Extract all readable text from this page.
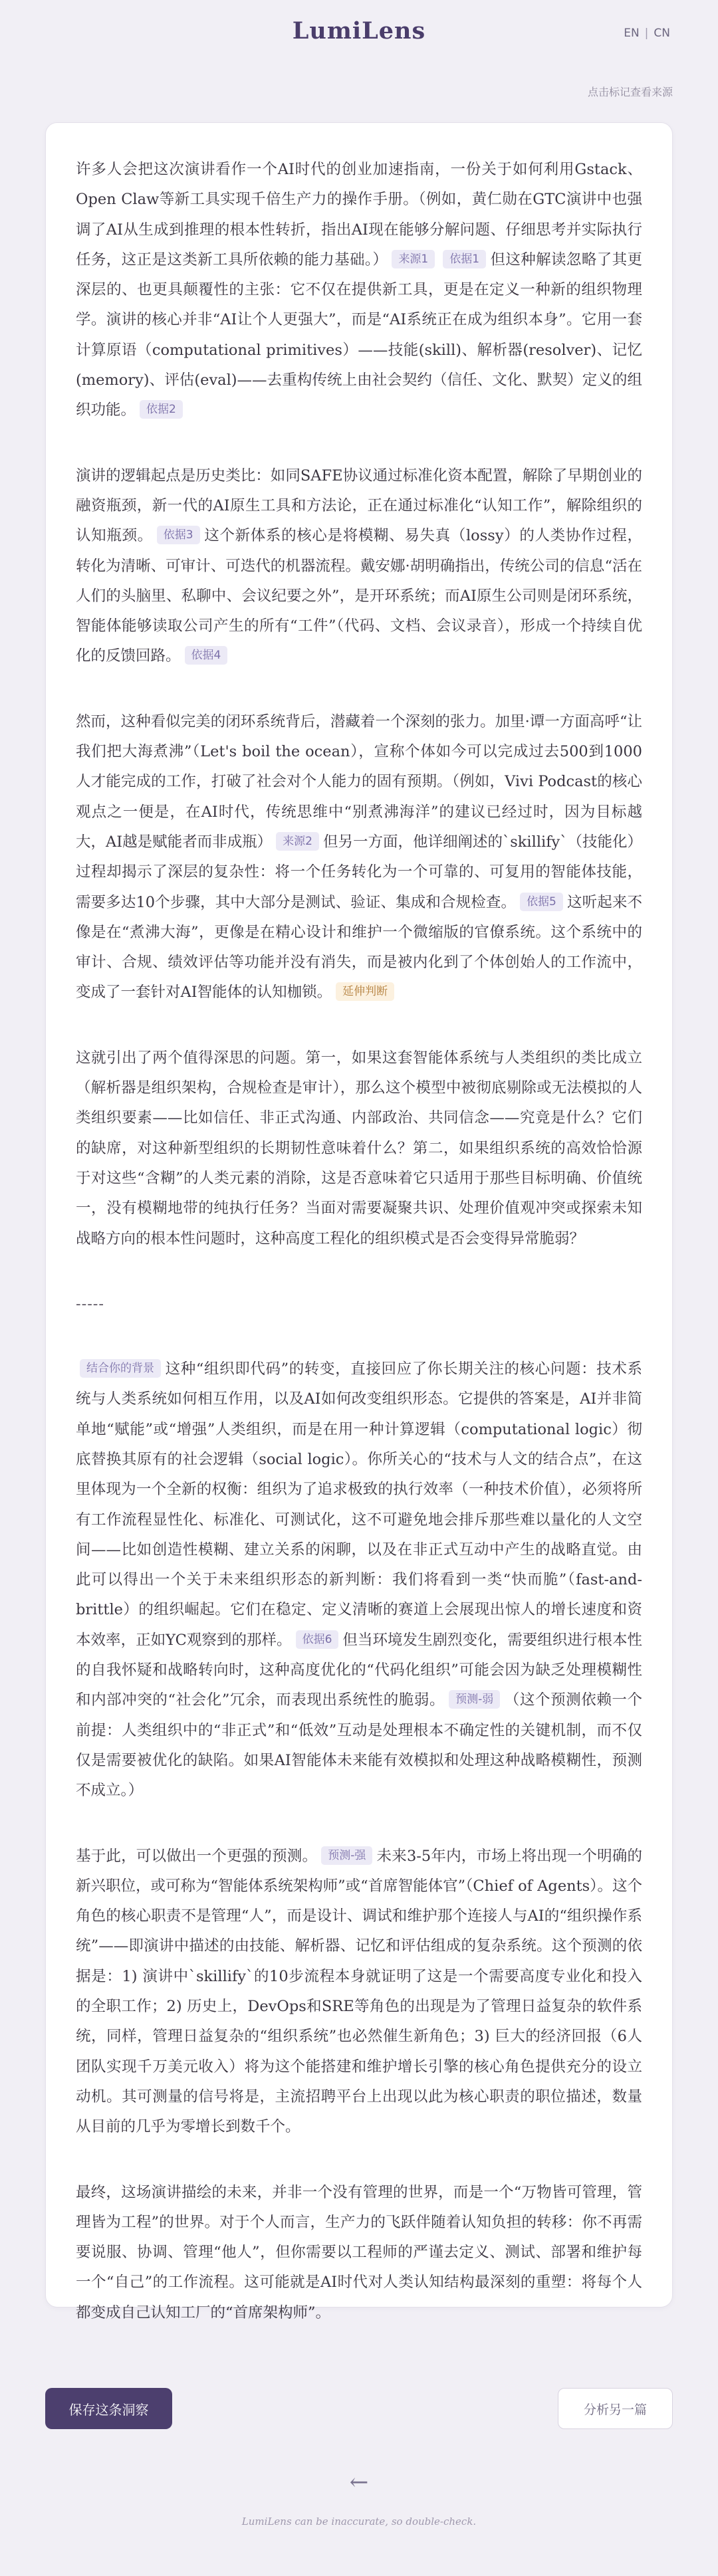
LumiLens	EN | CN
点击标记查看来源

许多人会把这次演讲看作一个AI时代的创业加速指南，一份关于如何利用Gstack、Open Claw等新工具实现千倍生产力的操作手册。（例如，黄仁勋在GTC演讲中也强调了AI从生成到推理的根本性转折，指出AI现在能够分解问题、仔细思考并实际执行任务，这正是这类新工具所依赖的能力基础。） 来源1 依据1 但这种解读忽略了其更深层的、也更具颠覆性的主张：它不仅在提供新工具，更是在定义一种新的组织物理学。演讲的核心并非“AI让个人更强大”，而是“AI系统正在成为组织本身”。它用一套计算原语（computational primitives）——技能(skill)、解析器(resolver)、记忆(memory)、评估(eval)——去重构传统上由社会契约（信任、文化、默契）定义的组织功能。 依据2

演讲的逻辑起点是历史类比：如同SAFE协议通过标准化资本配置，解除了早期创业的融资瓶颈，新一代的AI原生工具和方法论，正在通过标准化“认知工作”，解除组织的认知瓶颈。 依据3 这个新体系的核心是将模糊、易失真（lossy）的人类协作过程，转化为清晰、可审计、可迭代的机器流程。戴安娜·胡明确指出，传统公司的信息“活在人们的头脑里、私聊中、会议纪要之外”，是开环系统；而AI原生公司则是闭环系统，智能体能够读取公司产生的所有“工件”（代码、文档、会议录音），形成一个持续自优化的反馈回路。 依据4

然而，这种看似完美的闭环系统背后，潜藏着一个深刻的张力。加里·谭一方面高呼“让我们把大海煮沸”（Let's boil the ocean），宣称个体如今可以完成过去500到1000人才能完成的工作，打破了社会对个人能力的固有预期。（例如，Vivi Podcast的核心观点之一便是，在AI时代，传统思维中“别煮沸海洋”的建议已经过时，因为目标越大，AI越是赋能者而非成瓶） 来源2 但另一方面，他详细阐述的`skillify`（技能化）过程却揭示了深层的复杂性：将一个任务转化为一个可靠的、可复用的智能体技能，需要多达10个步骤，其中大部分是测试、验证、集成和合规检查。 依据5 这听起来不像是在“煮沸大海”，更像是在精心设计和维护一个微缩版的官僚系统。这个系统中的审计、合规、绩效评估等功能并没有消失，而是被内化到了个体创始人的工作流中，变成了一套针对AI智能体的认知枷锁。 延伸判断

这就引出了两个值得深思的问题。第一，如果这套智能体系统与人类组织的类比成立（解析器是组织架构，合规检查是审计），那么这个模型中被彻底剔除或无法模拟的人类组织要素——比如信任、非正式沟通、内部政治、共同信念——究竟是什么？它们的缺席，对这种新型组织的长期韧性意味着什么？第二，如果组织系统的高效恰恰源于对这些“含糊”的人类元素的消除，这是否意味着它只适用于那些目标明确、价值统一，没有模糊地带的纯执行任务？当面对需要凝聚共识、处理价值观冲突或探索未知战略方向的根本性问题时，这种高度工程化的组织模式是否会变得异常脆弱？

-----

结合你的背景 这种“组织即代码”的转变，直接回应了你长期关注的核心问题：技术系统与人类系统如何相互作用，以及AI如何改变组织形态。它提供的答案是，AI并非简单地“赋能”或“增强”人类组织，而是在用一种计算逻辑（computational logic）彻底替换其原有的社会逻辑（social logic）。你所关心的“技术与人文的结合点”，在这里体现为一个全新的权衡：组织为了追求极致的执行效率（一种技术价值），必须将所有工作流程显性化、标准化、可测试化，这不可避免地会排斥那些难以量化的人文空间——比如创造性模糊、建立关系的闲聊，以及在非正式互动中产生的战略直觉。由此可以得出一个关于未来组织形态的新判断：我们将看到一类“快而脆”（fast-and-brittle）的组织崛起。它们在稳定、定义清晰的赛道上会展现出惊人的增长速度和资本效率，正如YC观察到的那样。 依据6 但当环境发生剧烈变化，需要组织进行根本性的自我怀疑和战略转向时，这种高度优化的“代码化组织”可能会因为缺乏处理模糊性和内部冲突的“社会化”冗余，而表现出系统性的脆弱。 预测-弱 （这个预测依赖一个前提：人类组织中的“非正式”和“低效”互动是处理根本不确定性的关键机制，而不仅仅是需要被优化的缺陷。如果AI智能体未来能有效模拟和处理这种战略模糊性，预测不成立。）

基于此，可以做出一个更强的预测。 预测-强 未来3-5年内，市场上将出现一个明确的新兴职位，或可称为“智能体系统架构师”或“首席智能体官”（Chief of Agents）。这个角色的核心职责不是管理“人”，而是设计、调试和维护那个连接人与AI的“组织操作系统”——即演讲中描述的由技能、解析器、记忆和评估组成的复杂系统。这个预测的依据是：1) 演讲中`skillify`的10步流程本身就证明了这是一个需要高度专业化和投入的全职工作；2) 历史上，DevOps和SRE等角色的出现是为了管理日益复杂的软件系统，同样，管理日益复杂的“组织系统”也必然催生新角色；3) 巨大的经济回报（6人团队实现千万美元收入）将为这个能搭建和维护增长引擎的核心角色提供充分的设立动机。其可测量的信号将是，主流招聘平台上出现以此为核心职责的职位描述，数量从目前的几乎为零增长到数千个。

最终，这场演讲描绘的未来，并非一个没有管理的世界，而是一个“万物皆可管理，管理皆为工程”的世界。对于个人而言，生产力的飞跃伴随着认知负担的转移：你不再需要说服、协调、管理“他人”，但你需要以工程师的严谨去定义、测试、部署和维护每一个“自己”的工作流程。这可能就是AI时代对人类认知结构最深刻的重塑：将每个人都变成自己认知工厂的“首席架构师”。

保存这条洞察	分析另一篇
←
LumiLens can be inaccurate, so double-check.
